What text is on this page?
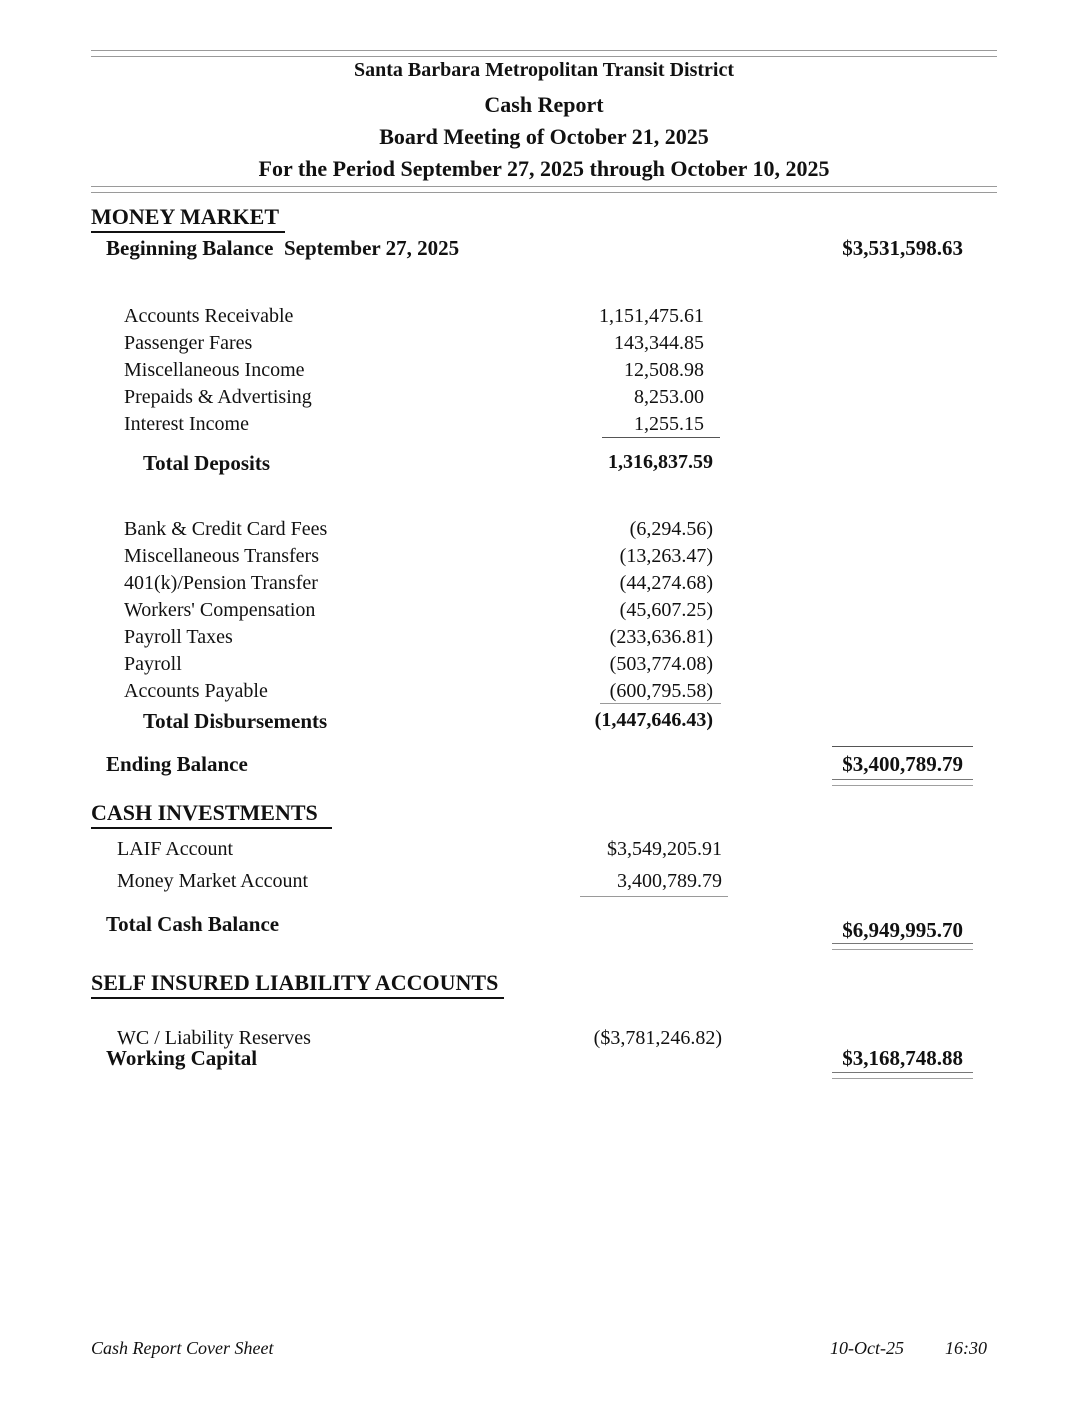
Santa Barbara Metropolitan Transit District
Cash Report
Board Meeting of October 21, 2025
For the Period September 27, 2025 through October 10, 2025
MONEY MARKET
Beginning Balance  September 27, 2025	$3,531,598.63
Accounts Receivable	1,151,475.61
Passenger Fares	143,344.85
Miscellaneous Income	12,508.98
Prepaids & Advertising	8,253.00
Interest Income	1,255.15
Total Deposits	1,316,837.59
Bank & Credit Card Fees	(6,294.56)
Miscellaneous Transfers	(13,263.47)
401(k)/Pension Transfer	(44,274.68)
Workers' Compensation	(45,607.25)
Payroll Taxes	(233,636.81)
Payroll	(503,774.08)
Accounts Payable	(600,795.58)
Total Disbursements	(1,447,646.43)
Ending Balance	$3,400,789.79
CASH INVESTMENTS
LAIF Account	$3,549,205.91
Money Market Account	3,400,789.79
Total Cash Balance	$6,949,995.70
SELF INSURED LIABILITY ACCOUNTS
WC / Liability Reserves	($3,781,246.82)
Working Capital	$3,168,748.88
Cash Report Cover Sheet	10-Oct-25	16:30
